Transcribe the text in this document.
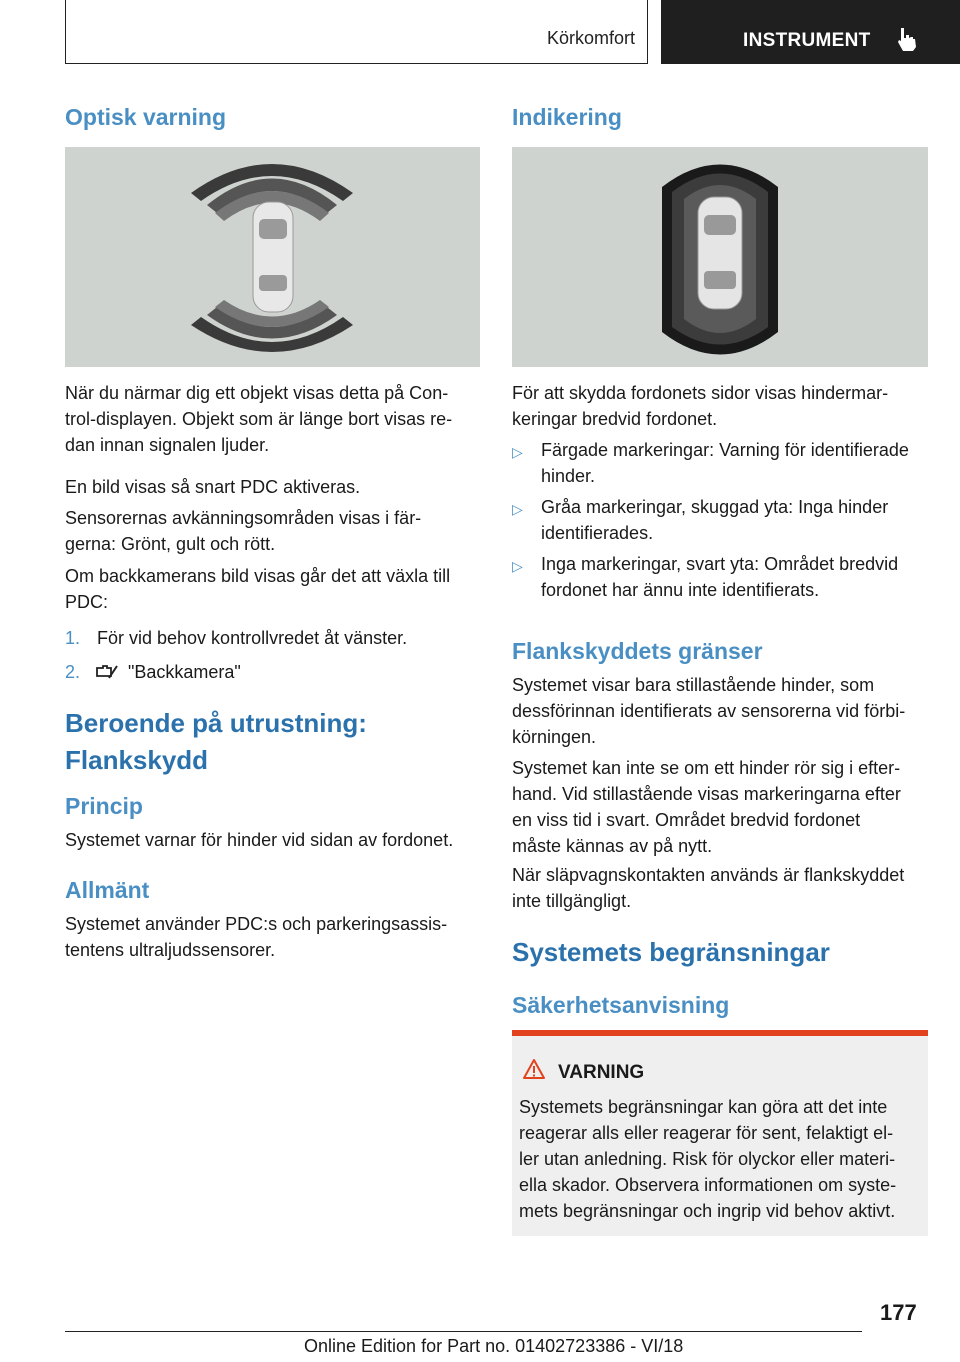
Körkomfort	INSTRUMENT
Optisk varning
När du närmar dig ett objekt visas detta på Con-
trol-displayen. Objekt som är länge bort visas re-
dan innan signalen ljuder.
En bild visas så snart PDC aktiveras.
Sensorernas avkänningsområden visas i fär-
gerna: Grönt, gult och rött.
Om backkamerans bild visas går det att växla till
PDC:
1. För vid behov kontrollvredet åt vänster.
2.	"Backkamera"
Beroende på utrustning:
Flankskydd
Princip
Systemet varnar för hinder vid sidan av fordonet.
Allmänt
Systemet använder PDC:s och parkeringsassis-
tentens ultraljudssensorer.
Indikering
För att skydda fordonets sidor visas hindermar-
keringar bredvid fordonet.
▷ Färgade markeringar: Varning för identifierade
hinder.
▷ Gråa markeringar, skuggad yta: Inga hinder
identifierades.
▷ Inga markeringar, svart yta: Området bredvid
fordonet har ännu inte identifierats.
Flankskyddets gränser
Systemet visar bara stillastående hinder, som
dessförinnan identifierats av sensorerna vid förbi-
körningen.
Systemet kan inte se om ett hinder rör sig i efter-
hand. Vid stillastående visas markeringarna efter
en viss tid i svart. Området bredvid fordonet
måste kännas av på nytt.
När släpvagnskontakten används är flankskyddet
inte tillgängligt.
Systemets begränsningar
Säkerhetsanvisning
VARNING
Systemets begränsningar kan göra att det inte
reagerar alls eller reagerar för sent, felaktigt el-
ler utan anledning. Risk för olyckor eller materi-
ella skador. Observera informationen om syste-
mets begränsningar och ingrip vid behov aktivt.
177
Online Edition for Part no. 01402723386 - VI/18
